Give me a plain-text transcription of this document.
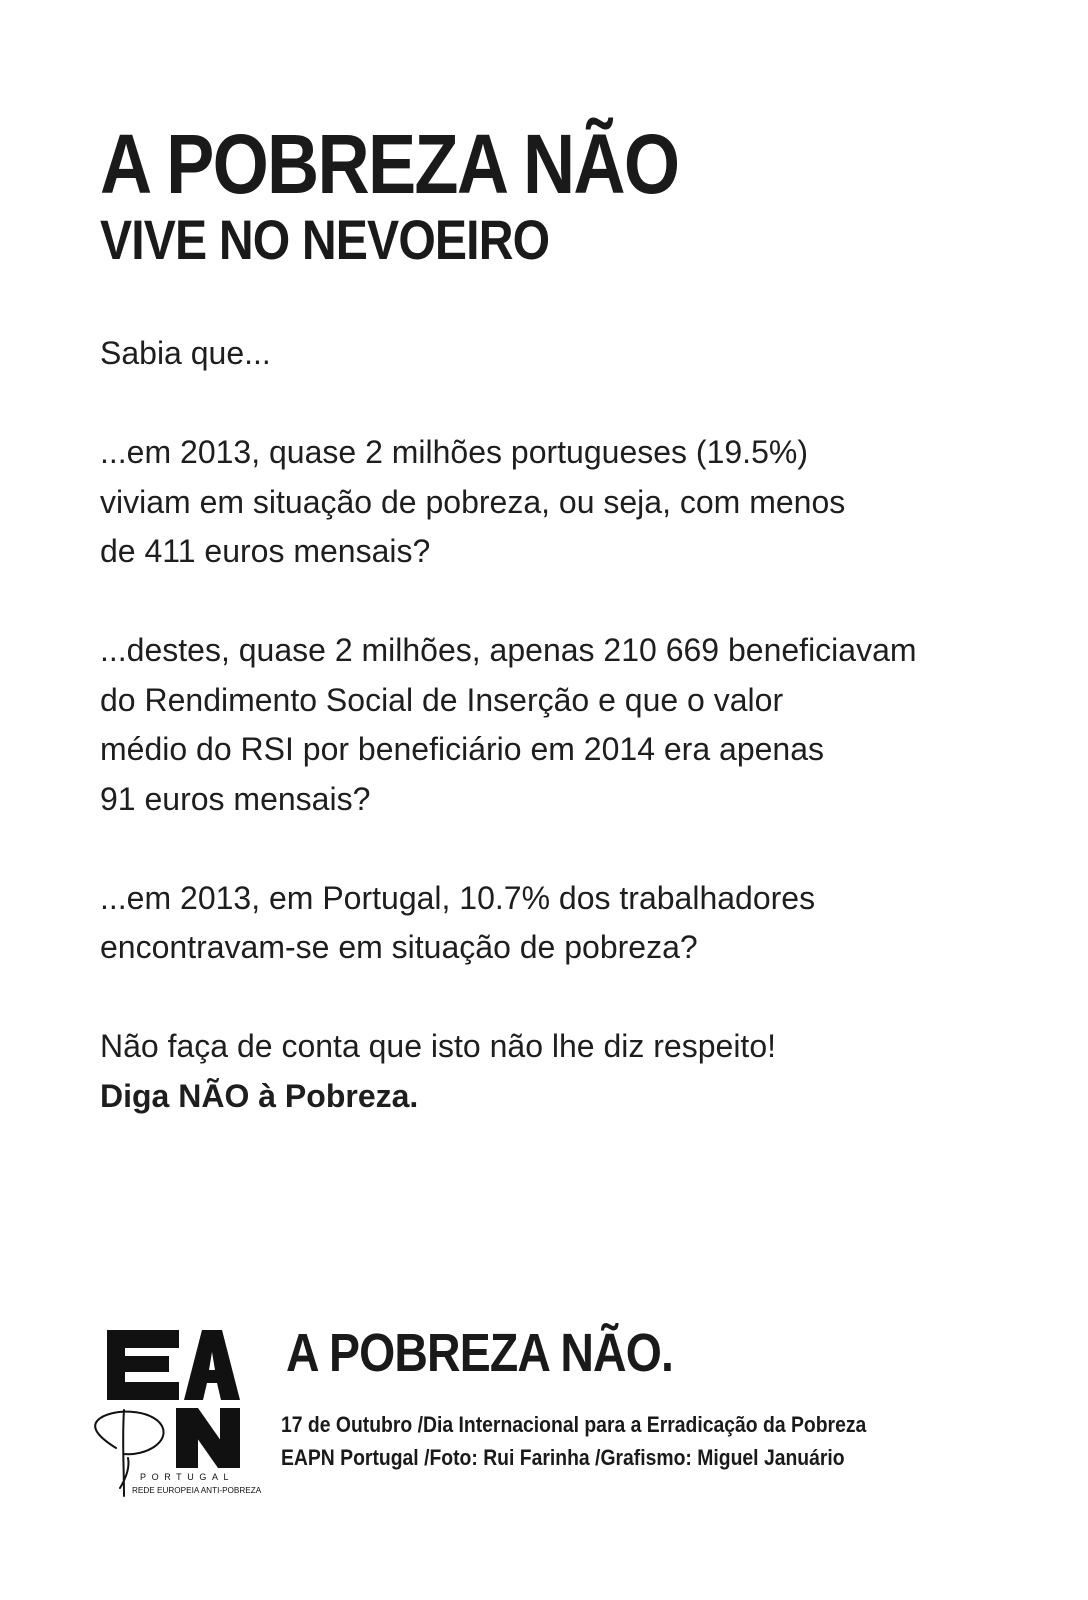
A POBREZA NÃO
VIVE NO NEVOEIRO

Sabia que...

...em 2013, quase 2 milhões portugueses (19.5%)
viviam em situação de pobreza, ou seja, com menos
de 411 euros mensais?

...destes, quase 2 milhões, apenas 210 669 beneficiavam
do Rendimento Social de Inserção e que o valor
médio do RSI por beneficiário em 2014 era apenas
91 euros mensais?

...em 2013, em Portugal, 10.7% dos trabalhadores
encontravam-se em situação de pobreza?

Não faça de conta que isto não lhe diz respeito!
Diga NÃO à Pobreza.

PORTUGAL
REDE EUROPEIA ANTI-POBREZA
A POBREZA NÃO.
17 de Outubro /Dia Internacional para a Erradicação da Pobreza
EAPN Portugal /Foto: Rui Farinha /Grafismo: Miguel Januário
